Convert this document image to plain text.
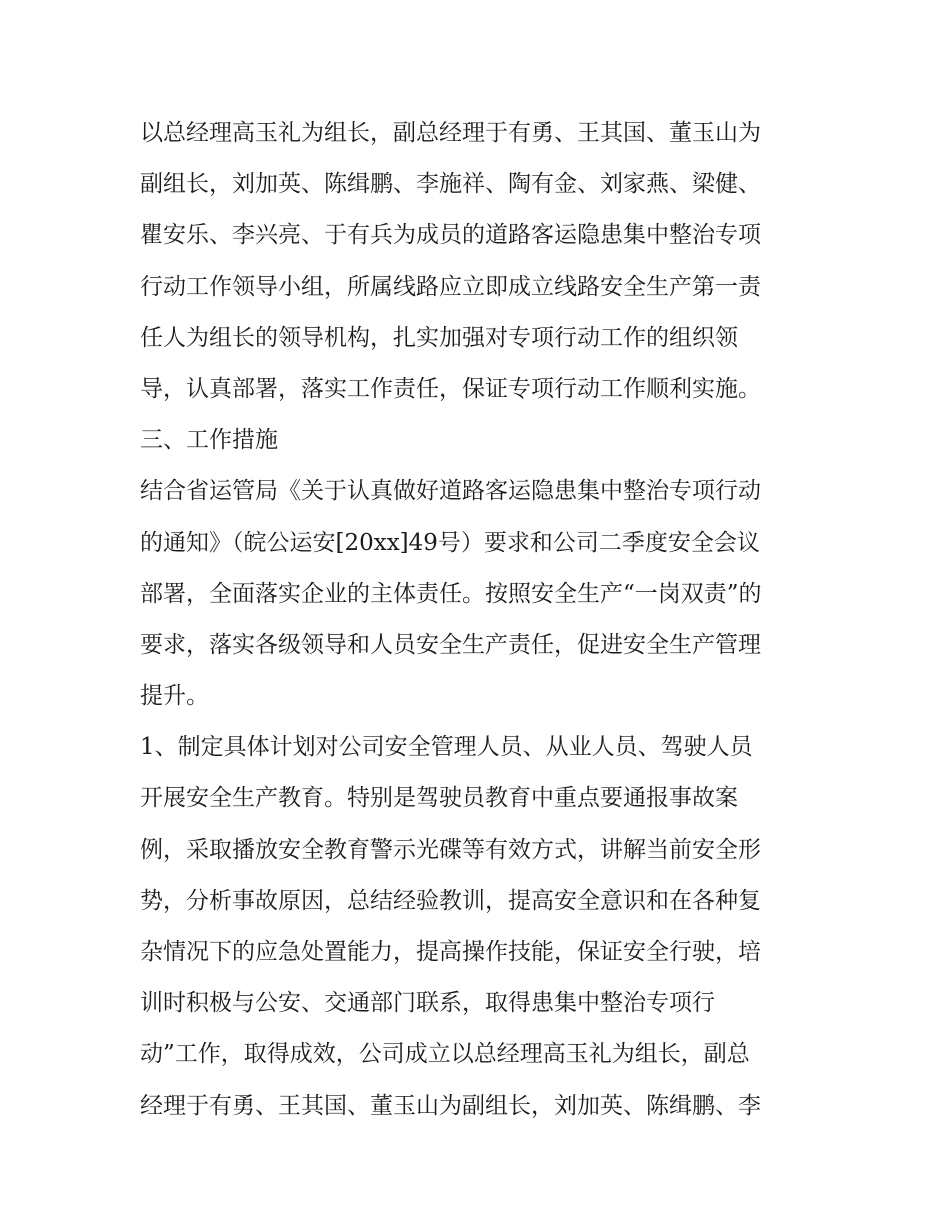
以总经理高玉礼为组长，副总经理于有勇、王其国、董玉山为
副组长，刘加英、陈缉鹏、李施祥、陶有金、刘家燕、梁健、
瞿安乐、李兴亮、于有兵为成员的道路客运隐患集中整治专项
行动工作领导小组，所属线路应立即成立线路安全生产第一责
任人为组长的领导机构，扎实加强对专项行动工作的组织领
导，认真部署，落实工作责任，保证专项行动工作顺利实施。
三、工作措施
结合省运管局《关于认真做好道路客运隐患集中整治专项行动
的通知》（皖公运安[20xx]49号）要求和公司二季度安全会议
部署，全面落实企业的主体责任。按照安全生产“一岗双责”的
要求，落实各级领导和人员安全生产责任，促进安全生产管理
提升。
1、制定具体计划对公司安全管理人员、从业人员、驾驶人员
开展安全生产教育。特别是驾驶员教育中重点要通报事故案
例，采取播放安全教育警示光碟等有效方式，讲解当前安全形
势，分析事故原因，总结经验教训，提高安全意识和在各种复
杂情况下的应急处置能力，提高操作技能，保证安全行驶，培
训时积极与公安、交通部门联系，取得患集中整治专项行
动”工作，取得成效，公司成立以总经理高玉礼为组长，副总
经理于有勇、王其国、董玉山为副组长，刘加英、陈缉鹏、李
